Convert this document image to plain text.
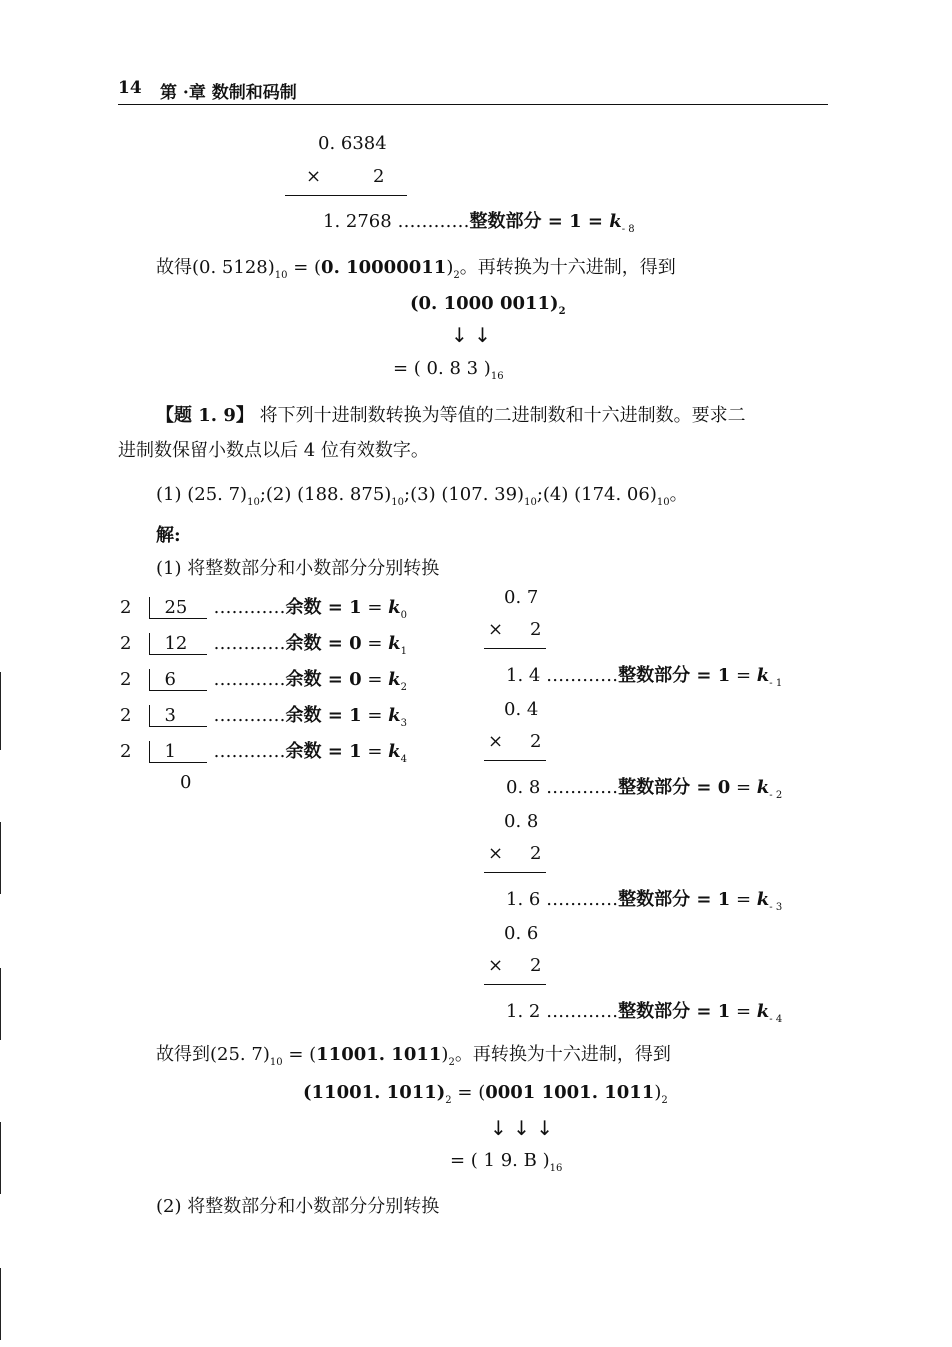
14 第 ·章 数制和码制
0. 6384
×	2
1. 2768 …………整数部分 = $1 = k_{- 8}$
故得(0. $5128)_{10} = (0$. $10000011)_2$。再转换为十六进制，得到
(0. 1000 $0011)_2$
↓ ↓
= ( 0. 8 3 )$_{16}$
【题 1. 9】 将下列十进制数转换为等值的二进制数和十六进制数。要求二
进制数保留小数点以后 4 位有效数字。
(1) (25. $7)_{10};(2)$ (188. $875)_{10};(3)$ (107. $39)_{10};(4)$ (174. $06)_{10}$。
解:
(1) 将整数部分和小数部分分别转换
2 25 …………余数 = $1 = k_0$
2 12 …………余数 = $0 = k_1$
2 6 …………余数 = $0 = k_2$
2 3 …………余数 = $1 = k_3$
2 1 …………余数 = $1 = k_4$
0
0. 7
× 2
1. 4 …………整数部分 = $1 = k_{- 1}$
0. 4
× 2
0. 8 …………整数部分 = $0 = k_{- 2}$
0. 8
× 2
1. 6 …………整数部分 = $1 = k_{- 3}$
0. 6
× 2
1. 2 …………整数部分 = $1 = k_{- 4}$
故得到(25. $7)_{10} = (11001$. $1011)_2$。再转换为十六进制，得到
(11001. $1011)_2 = (0001$ 1001. $1011)_2$
↓ ↓ ↓
= ( 1 9. B )$_{16}$
(2) 将整数部分和小数部分分别转换
